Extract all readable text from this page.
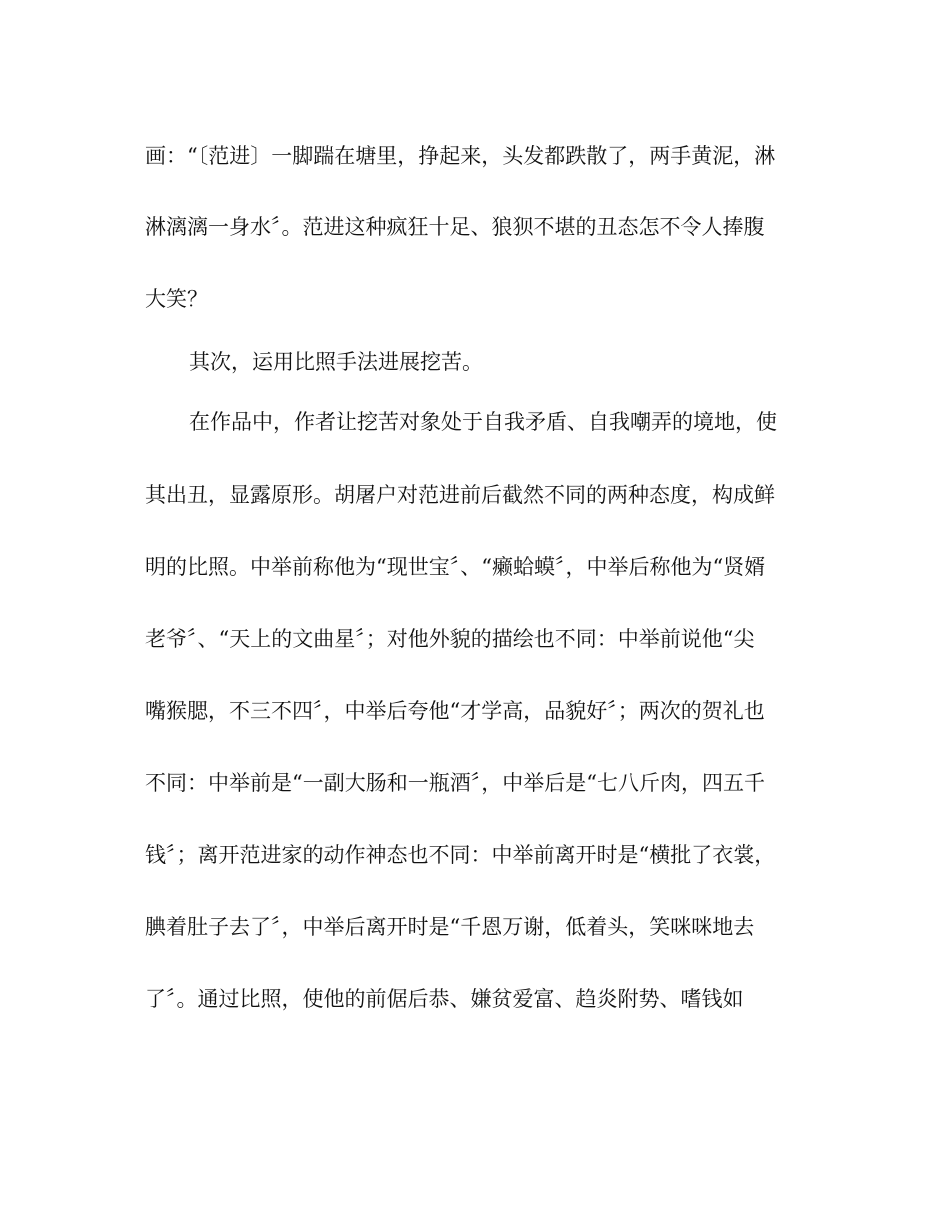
画：“〔范进〕一脚踹在塘里，挣起来，头发都跌散了，两手黄泥，淋
淋漓漓一身水〞。范进这种疯狂十足、狼狈不堪的丑态怎不令人捧腹
大笑？
其次，运用比照手法进展挖苦。
在作品中，作者让挖苦对象处于自我矛盾、自我嘲弄的境地，使
其出丑，显露原形。胡屠户对范进前后截然不同的两种态度，构成鲜
明的比照。中举前称他为“现世宝〞、“癞蛤蟆〞，中举后称他为“贤婿
老爷〞、“天上的文曲星〞；对他外貌的描绘也不同：中举前说他“尖
嘴猴腮，不三不四〞，中举后夸他“才学高，品貌好〞；两次的贺礼也
不同：中举前是“一副大肠和一瓶酒〞，中举后是“七八斤肉，四五千
钱〞；离开范进家的动作神态也不同：中举前离开时是“横批了衣裳，
腆着肚子去了〞，中举后离开时是“千恩万谢，低着头，笑咪咪地去
了〞。通过比照，使他的前倨后恭、嫌贫爱富、趋炎附势、嗜钱如
